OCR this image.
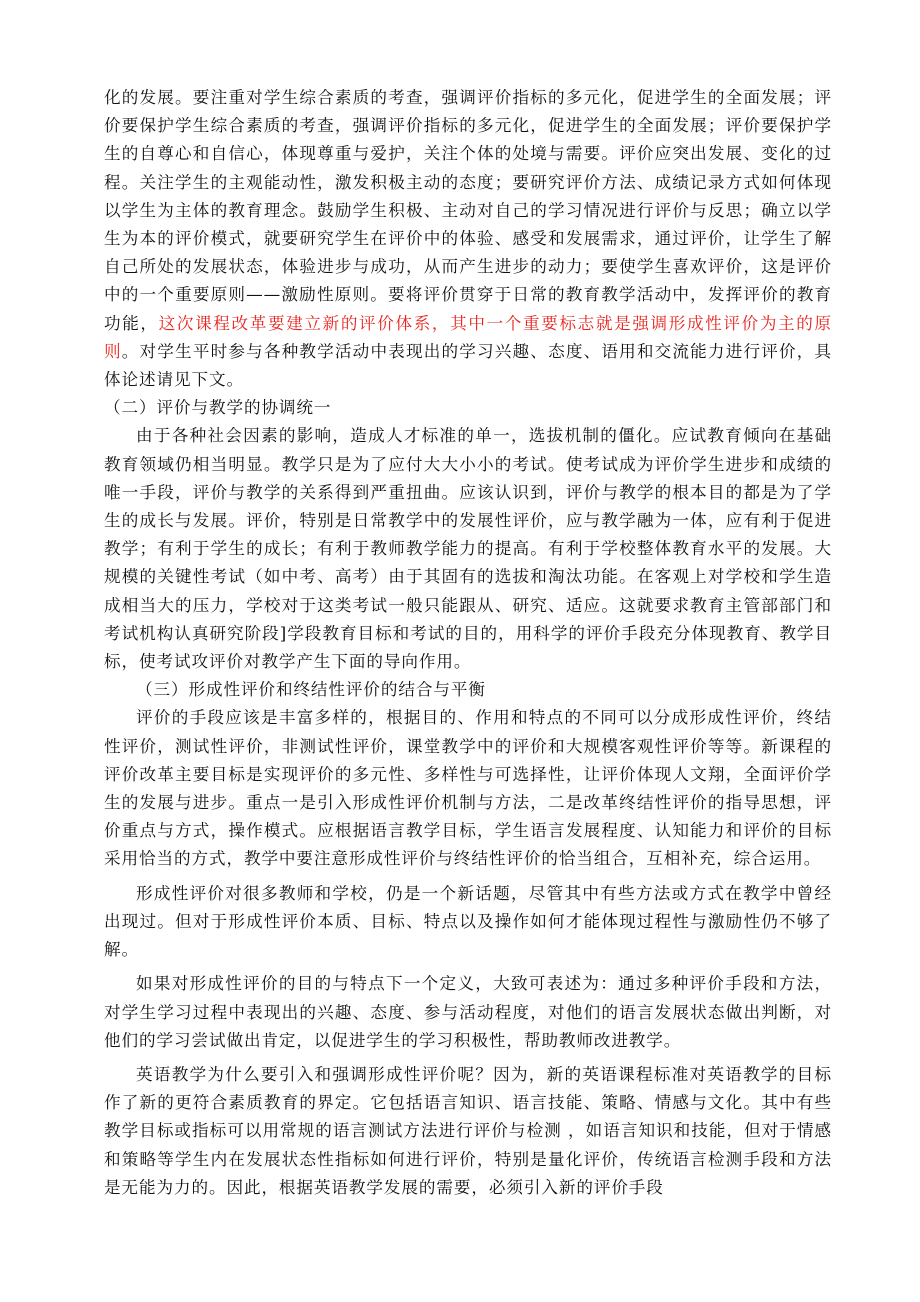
化的发展。要注重对学生综合素质的考查，强调评价指标的多元化，促进学生的全面发展；评价要保护学生综合素质的考查，强调评价指标的多元化，促进学生的全面发展；评价要保护学生的自尊心和自信心，体现尊重与爱护，关注个体的处境与需要。评价应突出发展、变化的过程。关注学生的主观能动性，激发积极主动的态度；要研究评价方法、成绩记录方式如何体现以学生为主体的教育理念。鼓励学生积极、主动对自己的学习情况进行评价与反思；确立以学生为本的评价模式，就要研究学生在评价中的体验、感受和发展需求，通过评价，让学生了解自己所处的发展状态，体验进步与成功，从而产生进步的动力；要使学生喜欢评价，这是评价中的一个重要原则——激励性原则。要将评价贯穿于日常的教育教学活动中，发挥评价的教育功能，这次课程改革要建立新的评价体系，其中一个重要标志就是强调形成性评价为主的原则。对学生平时参与各种教学活动中表现出的学习兴趣、态度、语用和交流能力进行评价，具体论述请见下文。

（二）评价与教学的协调统一

由于各种社会因素的影响，造成人才标准的单一，选拔机制的僵化。应试教育倾向在基础教育领域仍相当明显。教学只是为了应付大大小小的考试。使考试成为评价学生进步和成绩的唯一手段，评价与教学的关系得到严重扭曲。应该认识到，评价与教学的根本目的都是为了学生的成长与发展。评价，特别是日常教学中的发展性评价，应与教学融为一体，应有利于促进教学；有利于学生的成长；有利于教师教学能力的提高。有利于学校整体教育水平的发展。大规模的关键性考试（如中考、高考）由于其固有的选拔和淘汰功能。在客观上对学校和学生造成相当大的压力，学校对于这类考试一般只能跟从、研究、适应。这就要求教育主管部部门和考试机构认真研究阶段]学段教育目标和考试的目的，用科学的评价手段充分体现教育、教学目标，使考试攻评价对教学产生下面的导向作用。

（三）形成性评价和终结性评价的结合与平衡

评价的手段应该是丰富多样的，根据目的、作用和特点的不同可以分成形成性评价，终结性评价，测试性评价，非测试性评价，课堂教学中的评价和大规模客观性评价等等。新课程的评价改革主要目标是实现评价的多元性、多样性与可选择性，让评价体现人文翔，全面评价学生的发展与进步。重点一是引入形成性评价机制与方法，二是改革终结性评价的指导思想，评价重点与方式，操作模式。应根据语言教学目标，学生语言发展程度、认知能力和评价的目标采用恰当的方式，教学中要注意形成性评价与终结性评价的恰当组合，互相补充，综合运用。

形成性评价对很多教师和学校，仍是一个新话题，尽管其中有些方法或方式在教学中曾经出现过。但对于形成性评价本质、目标、特点以及操作如何才能体现过程性与激励性仍不够了解。

如果对形成性评价的目的与特点下一个定义，大致可表述为：通过多种评价手段和方法，对学生学习过程中表现出的兴趣、态度、参与活动程度，对他们的语言发展状态做出判断，对他们的学习尝试做出肯定，以促进学生的学习积极性，帮助教师改进教学。

英语教学为什么要引入和强调形成性评价呢？因为，新的英语课程标准对英语教学的目标作了新的更符合素质教育的界定。它包括语言知识、语言技能、策略、情感与文化。其中有些教学目标或指标可以用常规的语言测试方法进行评价与检测 ，如语言知识和技能，但对于情感和策略等学生内在发展状态性指标如何进行评价，特别是量化评价，传统语言检测手段和方法是无能为力的。因此，根据英语教学发展的需要，必须引入新的评价手段
